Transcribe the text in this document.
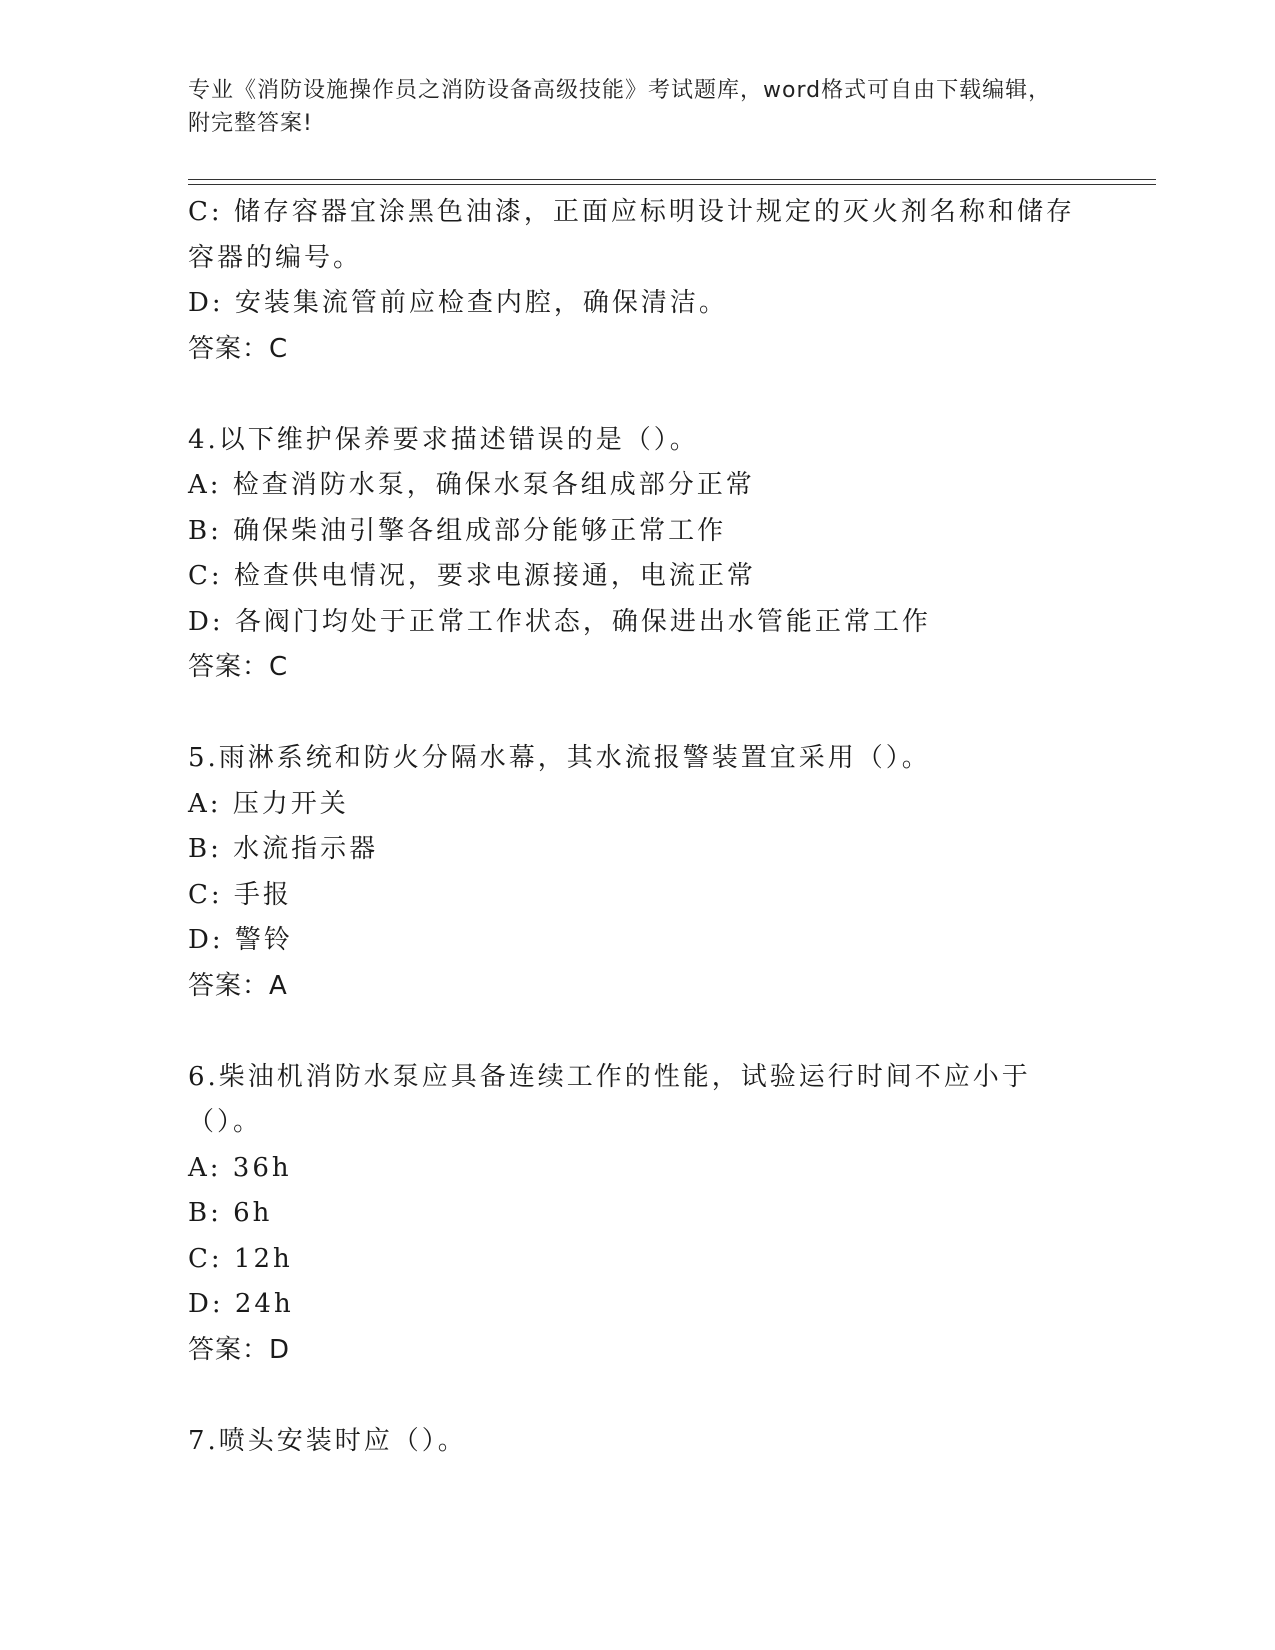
专业《消防设施操作员之消防设备高级技能》考试题库，word格式可自由下载编辑，附完整答案!
C: 储存容器宜涂黑色油漆，正面应标明设计规定的灭火剂名称和储存容器的编号。
D: 安装集流管前应检查内腔，确保清洁。
答案：C
4.以下维护保养要求描述错误的是（）。
A: 检查消防水泵，确保水泵各组成部分正常
B: 确保柴油引擎各组成部分能够正常工作
C: 检查供电情况，要求电源接通，电流正常
D: 各阀门均处于正常工作状态，确保进出水管能正常工作
答案：C
5.雨淋系统和防火分隔水幕，其水流报警装置宜采用（）。
A: 压力开关
B: 水流指示器
C: 手报
D: 警铃
答案：A
6.柴油机消防水泵应具备连续工作的性能，试验运行时间不应小于（）。
A: 36h
B: 6h
C: 12h
D: 24h
答案：D
7.喷头安装时应（）。
